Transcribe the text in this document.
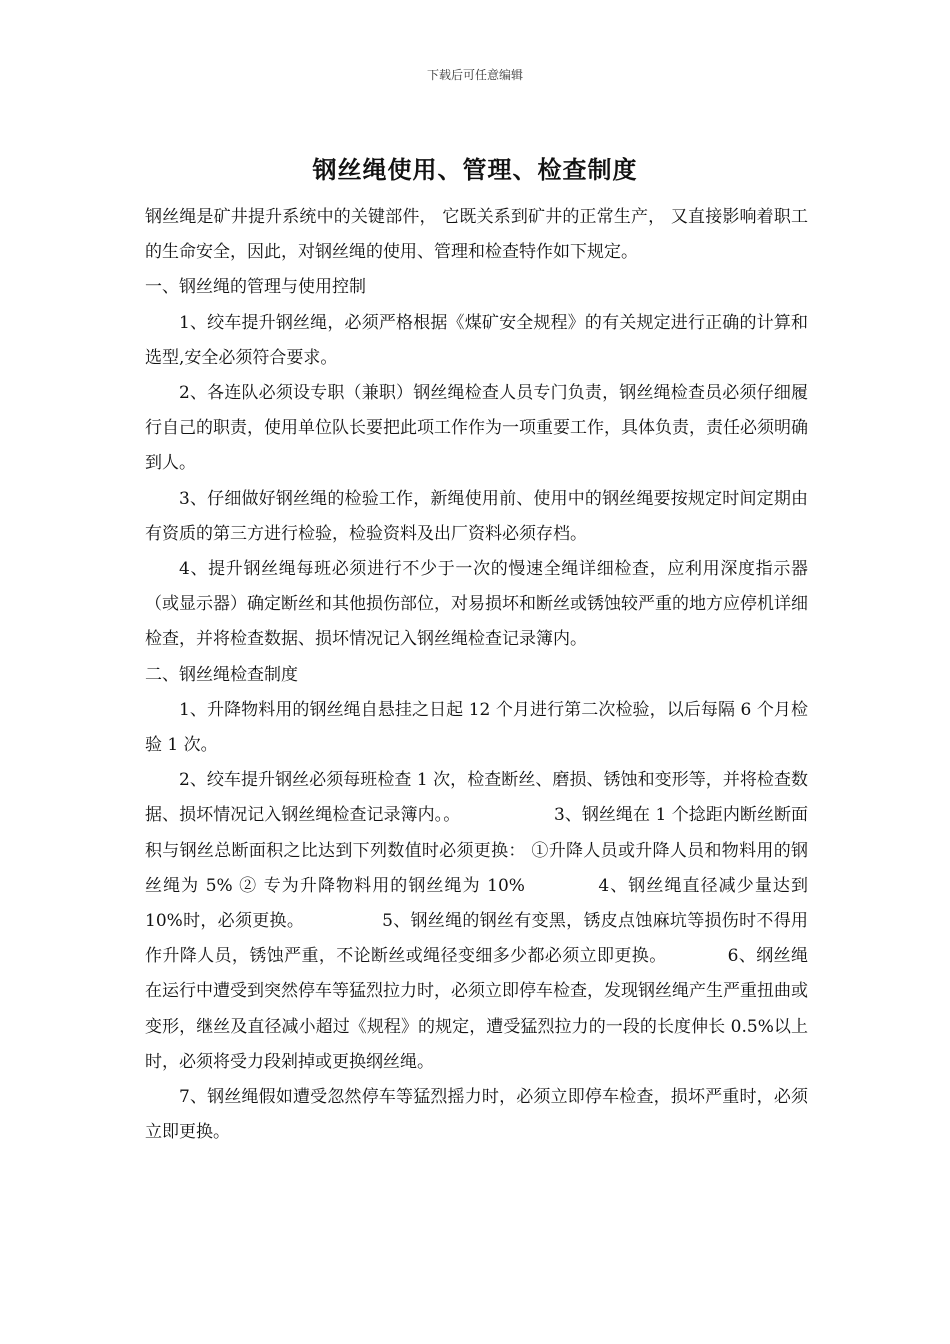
下载后可任意编辑
钢丝绳使用、管理、检查制度

钢丝绳是矿井提升系统中的关键部件， 它既关系到矿井的正常生产， 又直接影响着职工的生命安全，因此，对钢丝绳的使用、管理和检查特作如下规定。

一、钢丝绳的管理与使用控制

1、绞车提升钢丝绳，必须严格根据《煤矿安全规程》的有关规定进行正确的计算和选型,安全必须符合要求。

2、各连队必须设专职（兼职）钢丝绳检查人员专门负责，钢丝绳检查员必须仔细履行自己的职责，使用单位队长要把此项工作作为一项重要工作，具体负责，责任必须明确到人。

3、仔细做好钢丝绳的检验工作，新绳使用前、使用中的钢丝绳要按规定时间定期由有资质的第三方进行检验，检验资料及出厂资料必须存档。

4、提升钢丝绳每班必须进行不少于一次的慢速全绳详细检查，应利用深度指示器（或显示器）确定断丝和其他损伤部位，对易损坏和断丝或锈蚀较严重的地方应停机详细检查，并将检查数据、损坏情况记入钢丝绳检查记录簿内。

二、钢丝绳检查制度

1、升降物料用的钢丝绳自悬挂之日起 12 个月进行第二次检验，以后每隔 6 个月检验 1 次。

2、绞车提升钢丝必须每班检查 1 次，检查断丝、磨损、锈蚀和变形等，并将检查数据、损坏情况记入钢丝绳检查记录簿内。。　　　　　　3、钢丝绳在 1 个捻距内断丝断面积与钢丝总断面积之比达到下列数值时必须更换： ①升降人员或升降人员和物料用的钢丝绳为 5% ② 专为升降物料用的钢丝绳为 10%　　　　4、钢丝绳直径减少量达到 10%时，必须更换。　　　　　5、钢丝绳的钢丝有变黑，锈皮点蚀麻坑等损伤时不得用作升降人员，锈蚀严重，不论断丝或绳径变细多少都必须立即更换。　　　　6、纲丝绳在运行中遭受到突然停车等猛烈拉力时，必须立即停车检查，发现钢丝绳产生严重扭曲或变形，继丝及直径减小超过《规程》的规定，遭受猛烈拉力的一段的长度伸长 0.5%以上时，必须将受力段剁掉或更换纲丝绳。

7、钢丝绳假如遭受忽然停车等猛烈摇力时，必须立即停车检查，损坏严重时，必须立即更换。
